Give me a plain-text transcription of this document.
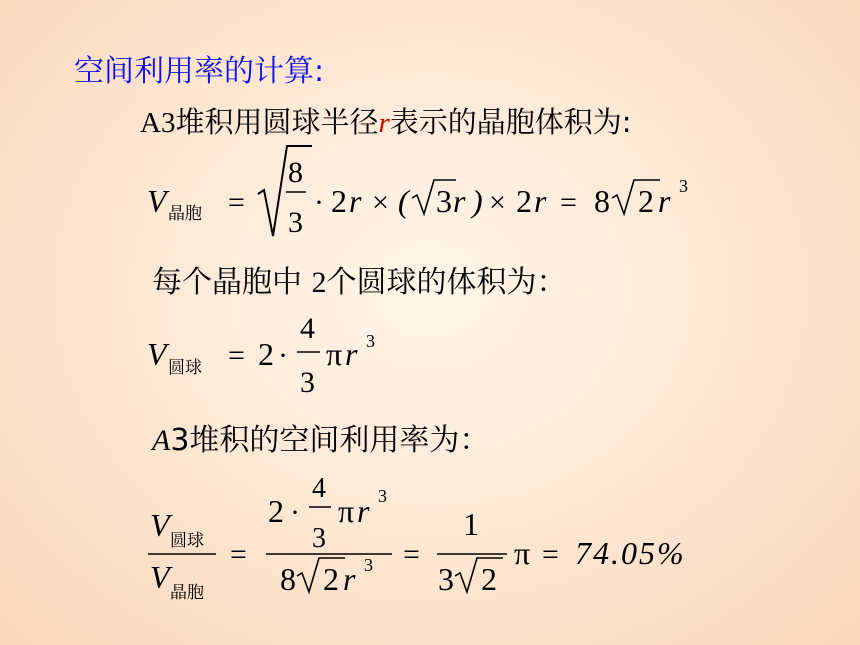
空间利用率的计算:
A3堆积用圆球半径r表示的晶胞体积为:
V 晶胞 =
8
3
· 2 r × ( 3 r ) × 2 r = 8 2 r 3
V 圆球 = 2 ·
4
3
π r 3
V 圆球
V 晶胞
=
2 ·
4
3
π r 3
8 2 r 3 =
1
3 2
π = 74.05%
每个晶胞中 2个圆球的体积为：
A3堆积的空间利用率为：
